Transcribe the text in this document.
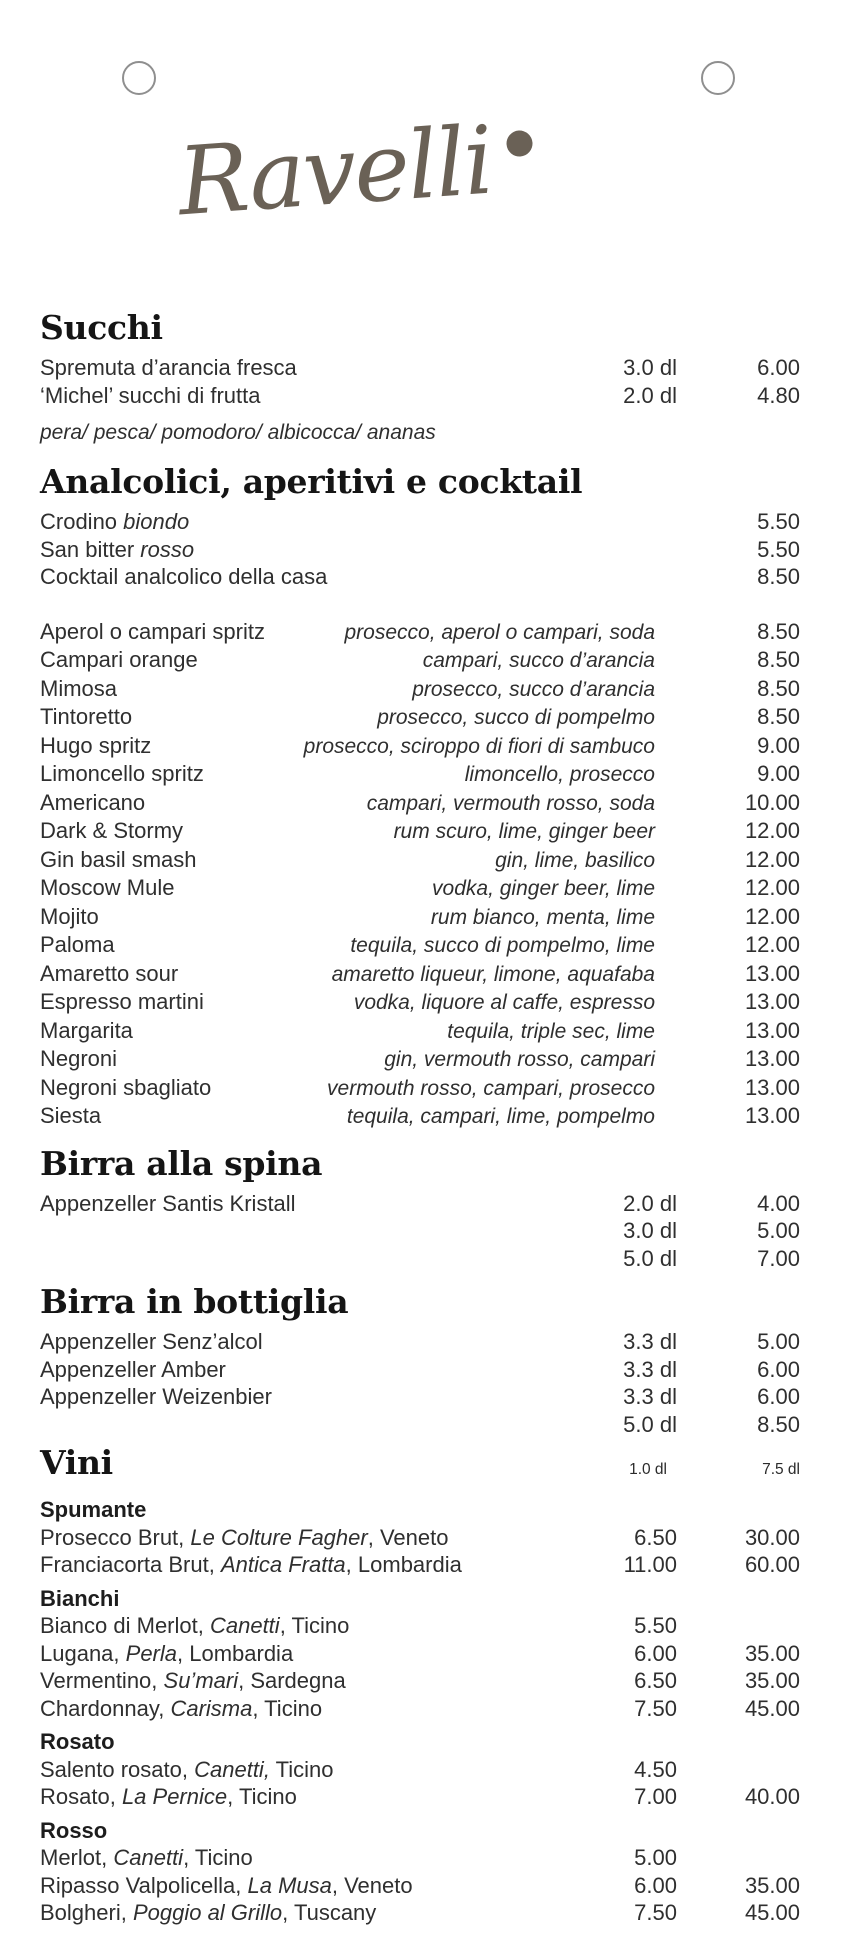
Ravelli
Succhi
Spremuta d’arancia fresca	3.0 dl	6.00
‘Michel’ succhi di frutta	2.0 dl	4.80
pera/ pesca/ pomodoro/ albicocca/ ananas
Analcolici, aperitivi e cocktail
Crodino biondo	5.50
San bitter rosso	5.50
Cocktail analcolico della casa	8.50
Aperol o campari spritz	prosecco, aperol o campari, soda	8.50
Campari orange	campari, succo d’arancia	8.50
Mimosa	prosecco, succo d’arancia	8.50
Tintoretto	prosecco, succo di pompelmo	8.50
Hugo spritz	prosecco, sciroppo di fiori di sambuco	9.00
Limoncello spritz	limoncello, prosecco	9.00
Americano	campari, vermouth rosso, soda	10.00
Dark & Stormy	rum scuro, lime, ginger beer	12.00
Gin basil smash	gin, lime, basilico	12.00
Moscow Mule	vodka, ginger beer, lime	12.00
Mojito	rum bianco, menta, lime	12.00
Paloma	tequila, succo di pompelmo, lime	12.00
Amaretto sour	amaretto liqueur, limone, aquafaba	13.00
Espresso martini	vodka, liquore al caffe, espresso	13.00
Margarita	tequila, triple sec, lime	13.00
Negroni	gin, vermouth rosso, campari	13.00
Negroni sbagliato	vermouth rosso, campari, prosecco	13.00
Siesta	tequila, campari, lime, pompelmo	13.00
Birra alla spina
Appenzeller Santis Kristall	2.0 dl	4.00
3.0 dl	5.00
5.0 dl	7.00
Birra in bottiglia
Appenzeller Senz’alcol	3.3 dl	5.00
Appenzeller Amber	3.3 dl	6.00
Appenzeller Weizenbier	3.3 dl	6.00
5.0 dl	8.50
Vini	1.0 dl	7.5 dl
Spumante
Prosecco Brut, Le Colture Fagher, Veneto	6.50	30.00
Franciacorta Brut, Antica Fratta, Lombardia	11.00	60.00
Bianchi
Bianco di Merlot, Canetti, Ticino	5.50
Lugana, Perla, Lombardia	6.00	35.00
Vermentino, Su’mari, Sardegna	6.50	35.00
Chardonnay, Carisma, Ticino	7.50	45.00
Rosato
Salento rosato, Canetti, Ticino	4.50
Rosato, La Pernice, Ticino	7.00	40.00
Rosso
Merlot, Canetti, Ticino	5.00
Ripasso Valpolicella, La Musa, Veneto	6.00	35.00
Bolgheri, Poggio al Grillo, Tuscany	7.50	45.00
